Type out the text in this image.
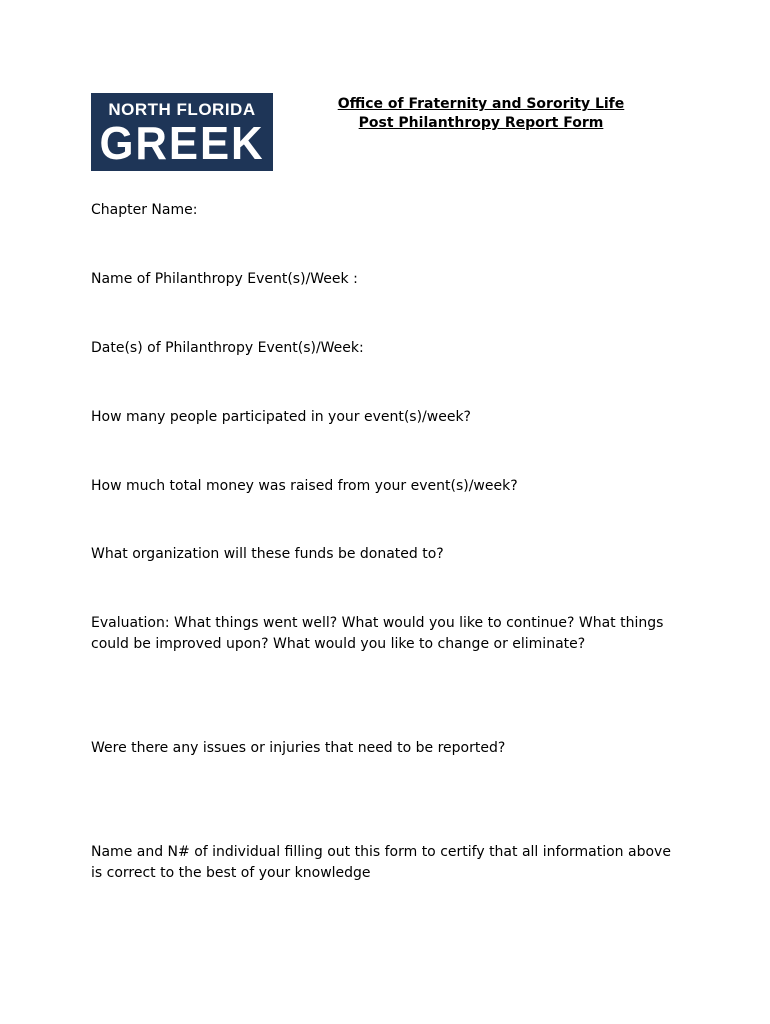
NORTH FLORIDA
GREEK
Office of Fraternity and Sorority Life
Post Philanthropy Report Form

Chapter Name:

Name of Philanthropy Event(s)/Week :

Date(s) of Philanthropy Event(s)/Week:

How many people participated in your event(s)/week?

How much total money was raised from your event(s)/week?

What organization will these funds be donated to?

Evaluation: What things went well? What would you like to continue? What things could be improved upon? What would you like to change or eliminate?

Were there any issues or injuries that need to be reported?

Name and N# of individual filling out this form to certify that all information above is correct to the best of your knowledge
